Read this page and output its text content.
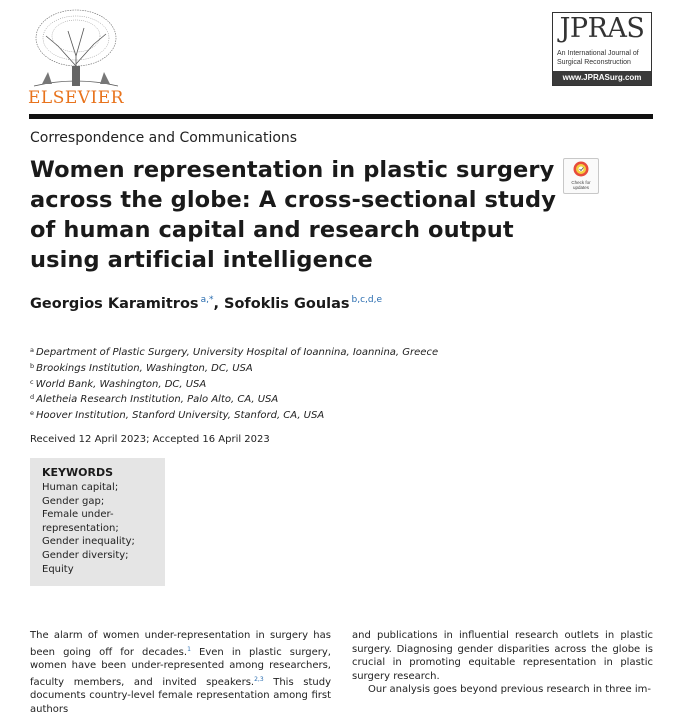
ELSEVIER
JPRAS
An International Journal of Surgical Reconstruction
www.JPRASurg.com
Correspondence and Communications
Women representation in plastic surgery across the globe: A cross-sectional study of human capital and research output using artificial intelligence
Check for updates
Georgios Karamitros $^{a,*}$, Sofoklis Goulas $^{b,c,d,e}$
$^a$ Department of Plastic Surgery, University Hospital of Ioannina, Ioannina, Greece
$^b$ Brookings Institution, Washington, DC, USA
$^c$ World Bank, Washington, DC, USA
$^d$ Aletheia Research Institution, Palo Alto, CA, USA
$^e$ Hoover Institution, Stanford University, Stanford, CA, USA
Received 12 April 2023; Accepted 16 April 2023
KEYWORDS
Human capital;
Gender gap;
Female under-
representation;
Gender inequality;
Gender diversity;
Equity
The alarm of women under-representation in surgery has been going off for decades.$^1$ Even in plastic surgery, women have been under-represented among researchers, faculty members, and invited speakers.$^{2,3}$ This study documents country-level female representation among first authors
and publications in influential research outlets in plastic surgery. Diagnosing gender disparities across the globe is crucial in promoting equitable representation in plastic surgery research.
Our analysis goes beyond previous research in three im-
